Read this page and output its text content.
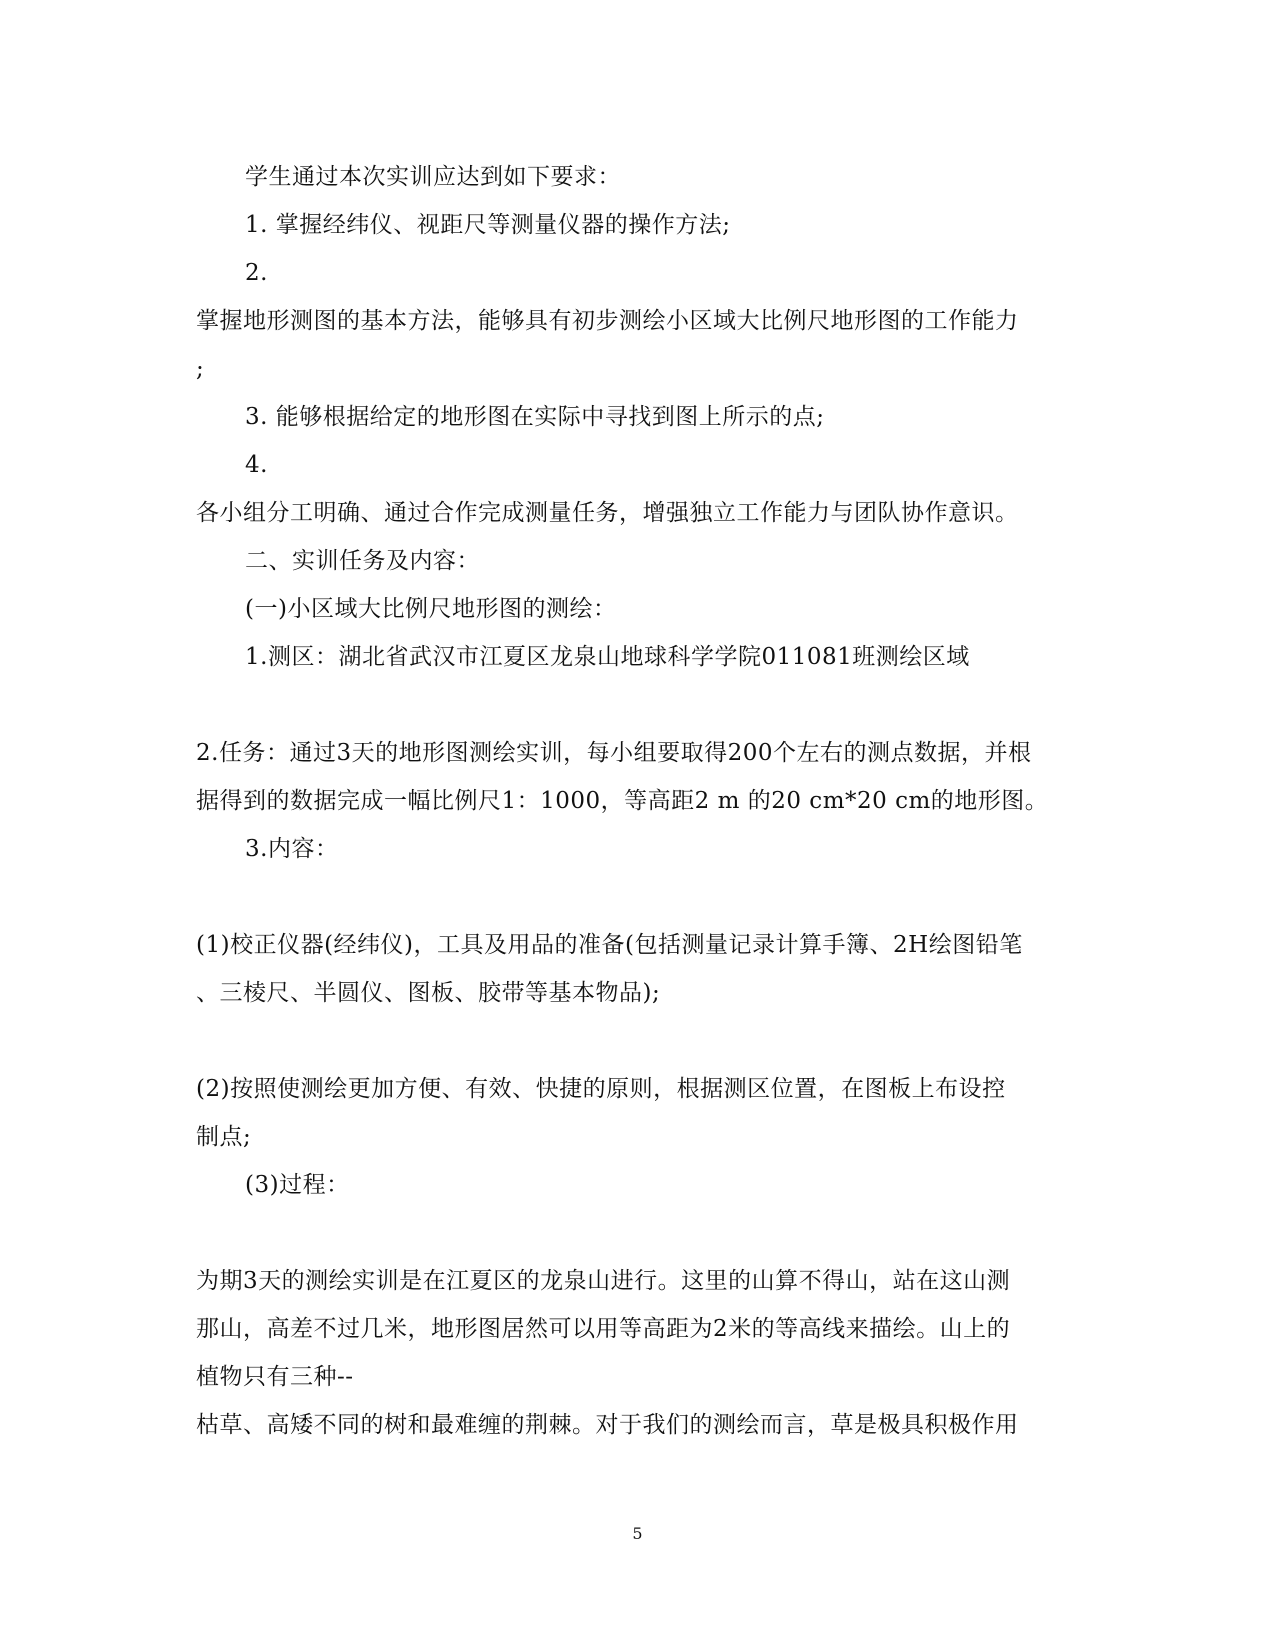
学生通过本次实训应达到如下要求：
1. 掌握经纬仪、视距尺等测量仪器的操作方法;
2.
掌握地形测图的基本方法，能够具有初步测绘小区域大比例尺地形图的工作能力
;
3. 能够根据给定的地形图在实际中寻找到图上所示的点;
4.
各小组分工明确、通过合作完成测量任务，增强独立工作能力与团队协作意识。
二、实训任务及内容：
(一)小区域大比例尺地形图的测绘：
1.测区：湖北省武汉市江夏区龙泉山地球科学学院011081班测绘区域
2.任务：通过3天的地形图测绘实训，每小组要取得200个左右的测点数据，并根
据得到的数据完成一幅比例尺1：1000，等高距2 m 的20 cm*20 cm的地形图。
3.内容：
(1)校正仪器(经纬仪)，工具及用品的准备(包括测量记录计算手簿、2H绘图铅笔
、三棱尺、半圆仪、图板、胶带等基本物品);
(2)按照使测绘更加方便、有效、快捷的原则，根据测区位置，在图板上布设控
制点;
(3)过程：
为期3天的测绘实训是在江夏区的龙泉山进行。这里的山算不得山，站在这山测
那山，高差不过几米，地形图居然可以用等高距为2米的等高线来描绘。山上的
植物只有三种--
枯草、高矮不同的树和最难缠的荆棘。对于我们的测绘而言，草是极具积极作用
5
